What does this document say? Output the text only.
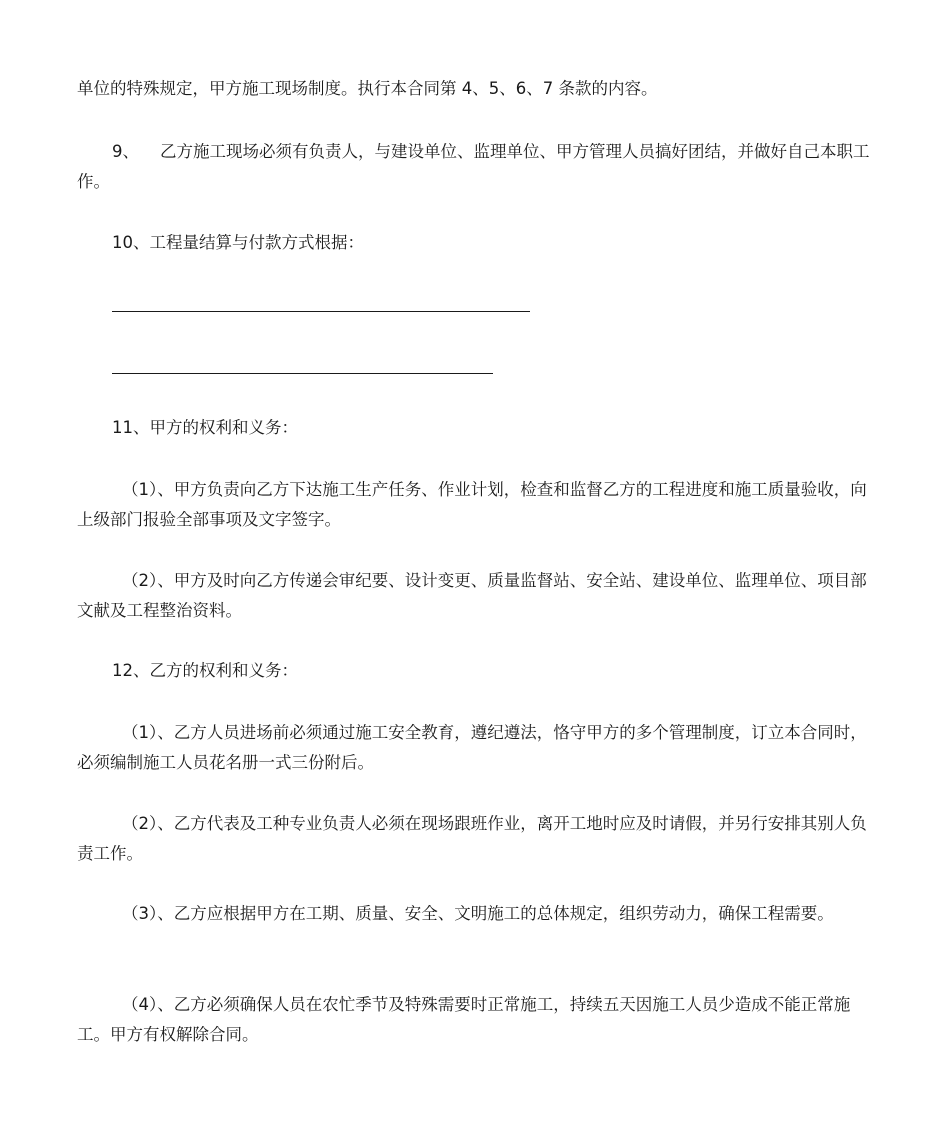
单位的特殊规定，甲方施工现场制度。执行本合同第 4、5、6、7 条款的内容。

9、 乙方施工现场必须有负责人，与建设单位、监理单位、甲方管理人员搞好团结，并做好自己本职工作。

10、工程量结算与付款方式根据：

11、甲方的权利和义务：

（1）、甲方负责向乙方下达施工生产任务、作业计划，检查和监督乙方的工程进度和施工质量验收，向上级部门报验全部事项及文字签字。

（2）、甲方及时向乙方传递会审纪要、设计变更、质量监督站、安全站、建设单位、监理单位、项目部文献及工程整治资料。

12、乙方的权利和义务：

（1）、乙方人员进场前必须通过施工安全教育，遵纪遵法，恪守甲方的多个管理制度，订立本合同时，必须编制施工人员花名册一式三份附后。

（2）、乙方代表及工种专业负责人必须在现场跟班作业，离开工地时应及时请假，并另行安排其别人负责工作。

（3）、乙方应根据甲方在工期、质量、安全、文明施工的总体规定，组织劳动力，确保工程需要。

（4）、乙方必须确保人员在农忙季节及特殊需要时正常施工，持续五天因施工人员少造成不能正常施工。甲方有权解除合同。
